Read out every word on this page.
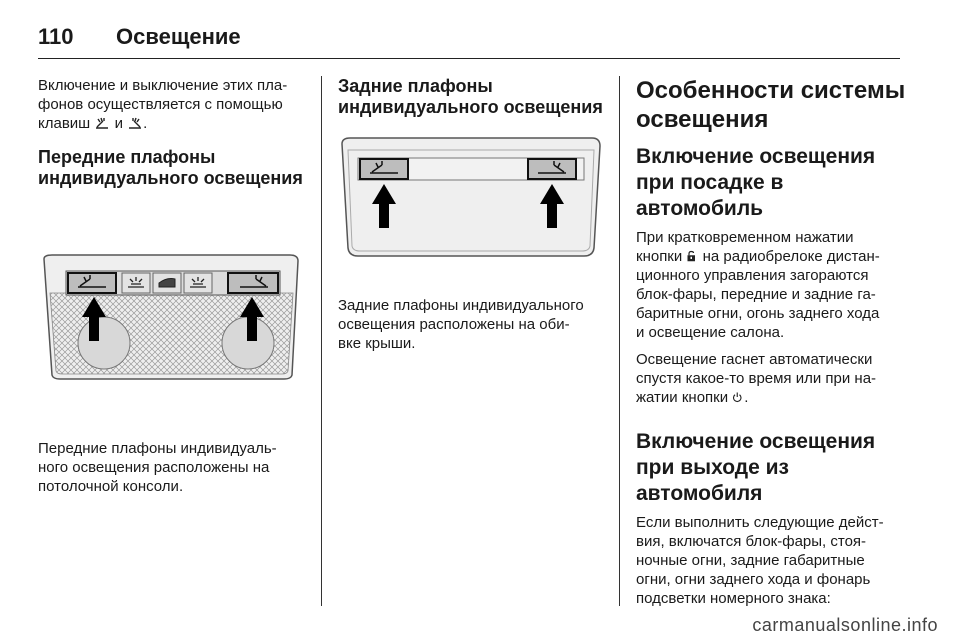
110 Освещение

Включение и выключение этих пла-
фонов осуществляется с помощью
клавиш и .

Передние плафоны индивидуального освещения

Передние плафоны индивидуаль-
ного освещения расположены на
потолочной консоли.

Задние плафоны индивидуального освещения

Задние плафоны индивидуального
освещения расположены на оби-
вке крыши.

Особенности системы освещения
Включение освещения при посадке в автомобиль

При кратковременном нажатии
кнопки на радиобрелоке дистан-
ционного управления загораются
блок-фары, передние и задние га-
баритные огни, огонь заднего хода
и освещение салона.

Освещение гаснет автоматически
спустя какое-то время или при на-
жатии кнопки .

Включение освещения при выходе из автомобиля

Если выполнить следующие дейст-
вия, включатся блок-фары, стоя-
ночные огни, задние габаритные
огни, огни заднего хода и фонарь
подсветки номерного знака:

carmanualsonline.info
